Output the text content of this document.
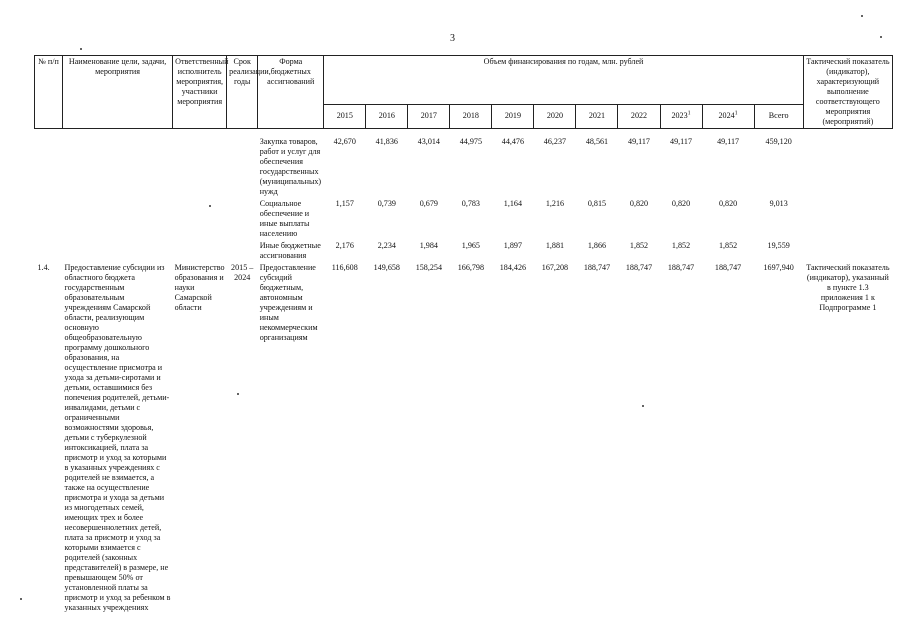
3
№ п/п	Наименование цели, задачи, мероприятия	Ответственный исполнитель мероприятия, участники мероприятия	Срок реализации, годы	Форма бюджетных ассигнований	Объем финансирования по годам, млн. рублей											Тактический показатель (индикатор), характеризующий выполнение соответствующего мероприятия (мероприятий)
					2015	2016	2017	2018	2019	2020	2021	2022	2023$^1$	2024$^1$	Всего	
				Закупка товаров, работ и услуг для обеспечения государственных (муниципальных) нужд	42,670	41,836	43,014	44,975	44,476	46,237	48,561	49,117	49,117	49,117	459,120	
				Социальное обеспечение и иные выплаты населению	1,157	0,739	0,679	0,783	1,164	1,216	0,815	0,820	0,820	0,820	9,013	
				Иные бюджетные ассигнования	2,176	2,234	1,984	1,965	1,897	1,881	1,866	1,852	1,852	1,852	19,559	
1.4.	Предоставление субсидии из областного бюджета государственным образовательным учреждениям Самарской области, реализующим основную общеобразовательную программу дошкольного образования, на осуществление присмотра и ухода за детьми-сиротами и детьми, оставшимися без попечения родителей, детьми-инвалидами, детьми с ограниченными возможностями здоровья, детьми с туберкулезной интоксикацией, плата за присмотр и уход за которыми в указанных учреждениях с родителей не взимается, а также на осуществление присмотра и ухода за детьми из многодетных семей, имеющих трех и более несовершеннолетних детей, плата за присмотр и уход за которыми взимается с родителей (законных представителей) в размере, не превышающем 50% от установленной платы за присмотр и уход за ребенком в указанных учреждениях	Министерство образования и науки Самарской области	2015 – 2024	Предоставление субсидий бюджетным, автономным учреждениям и иным некоммерческим организациям	116,608	149,658	158,254	166,798	184,426	167,208	188,747	188,747	188,747	188,747	1697,940	Тактический показатель (индикатор), указанный в пункте 1.3 приложения 1 к Подпрограмме 1
